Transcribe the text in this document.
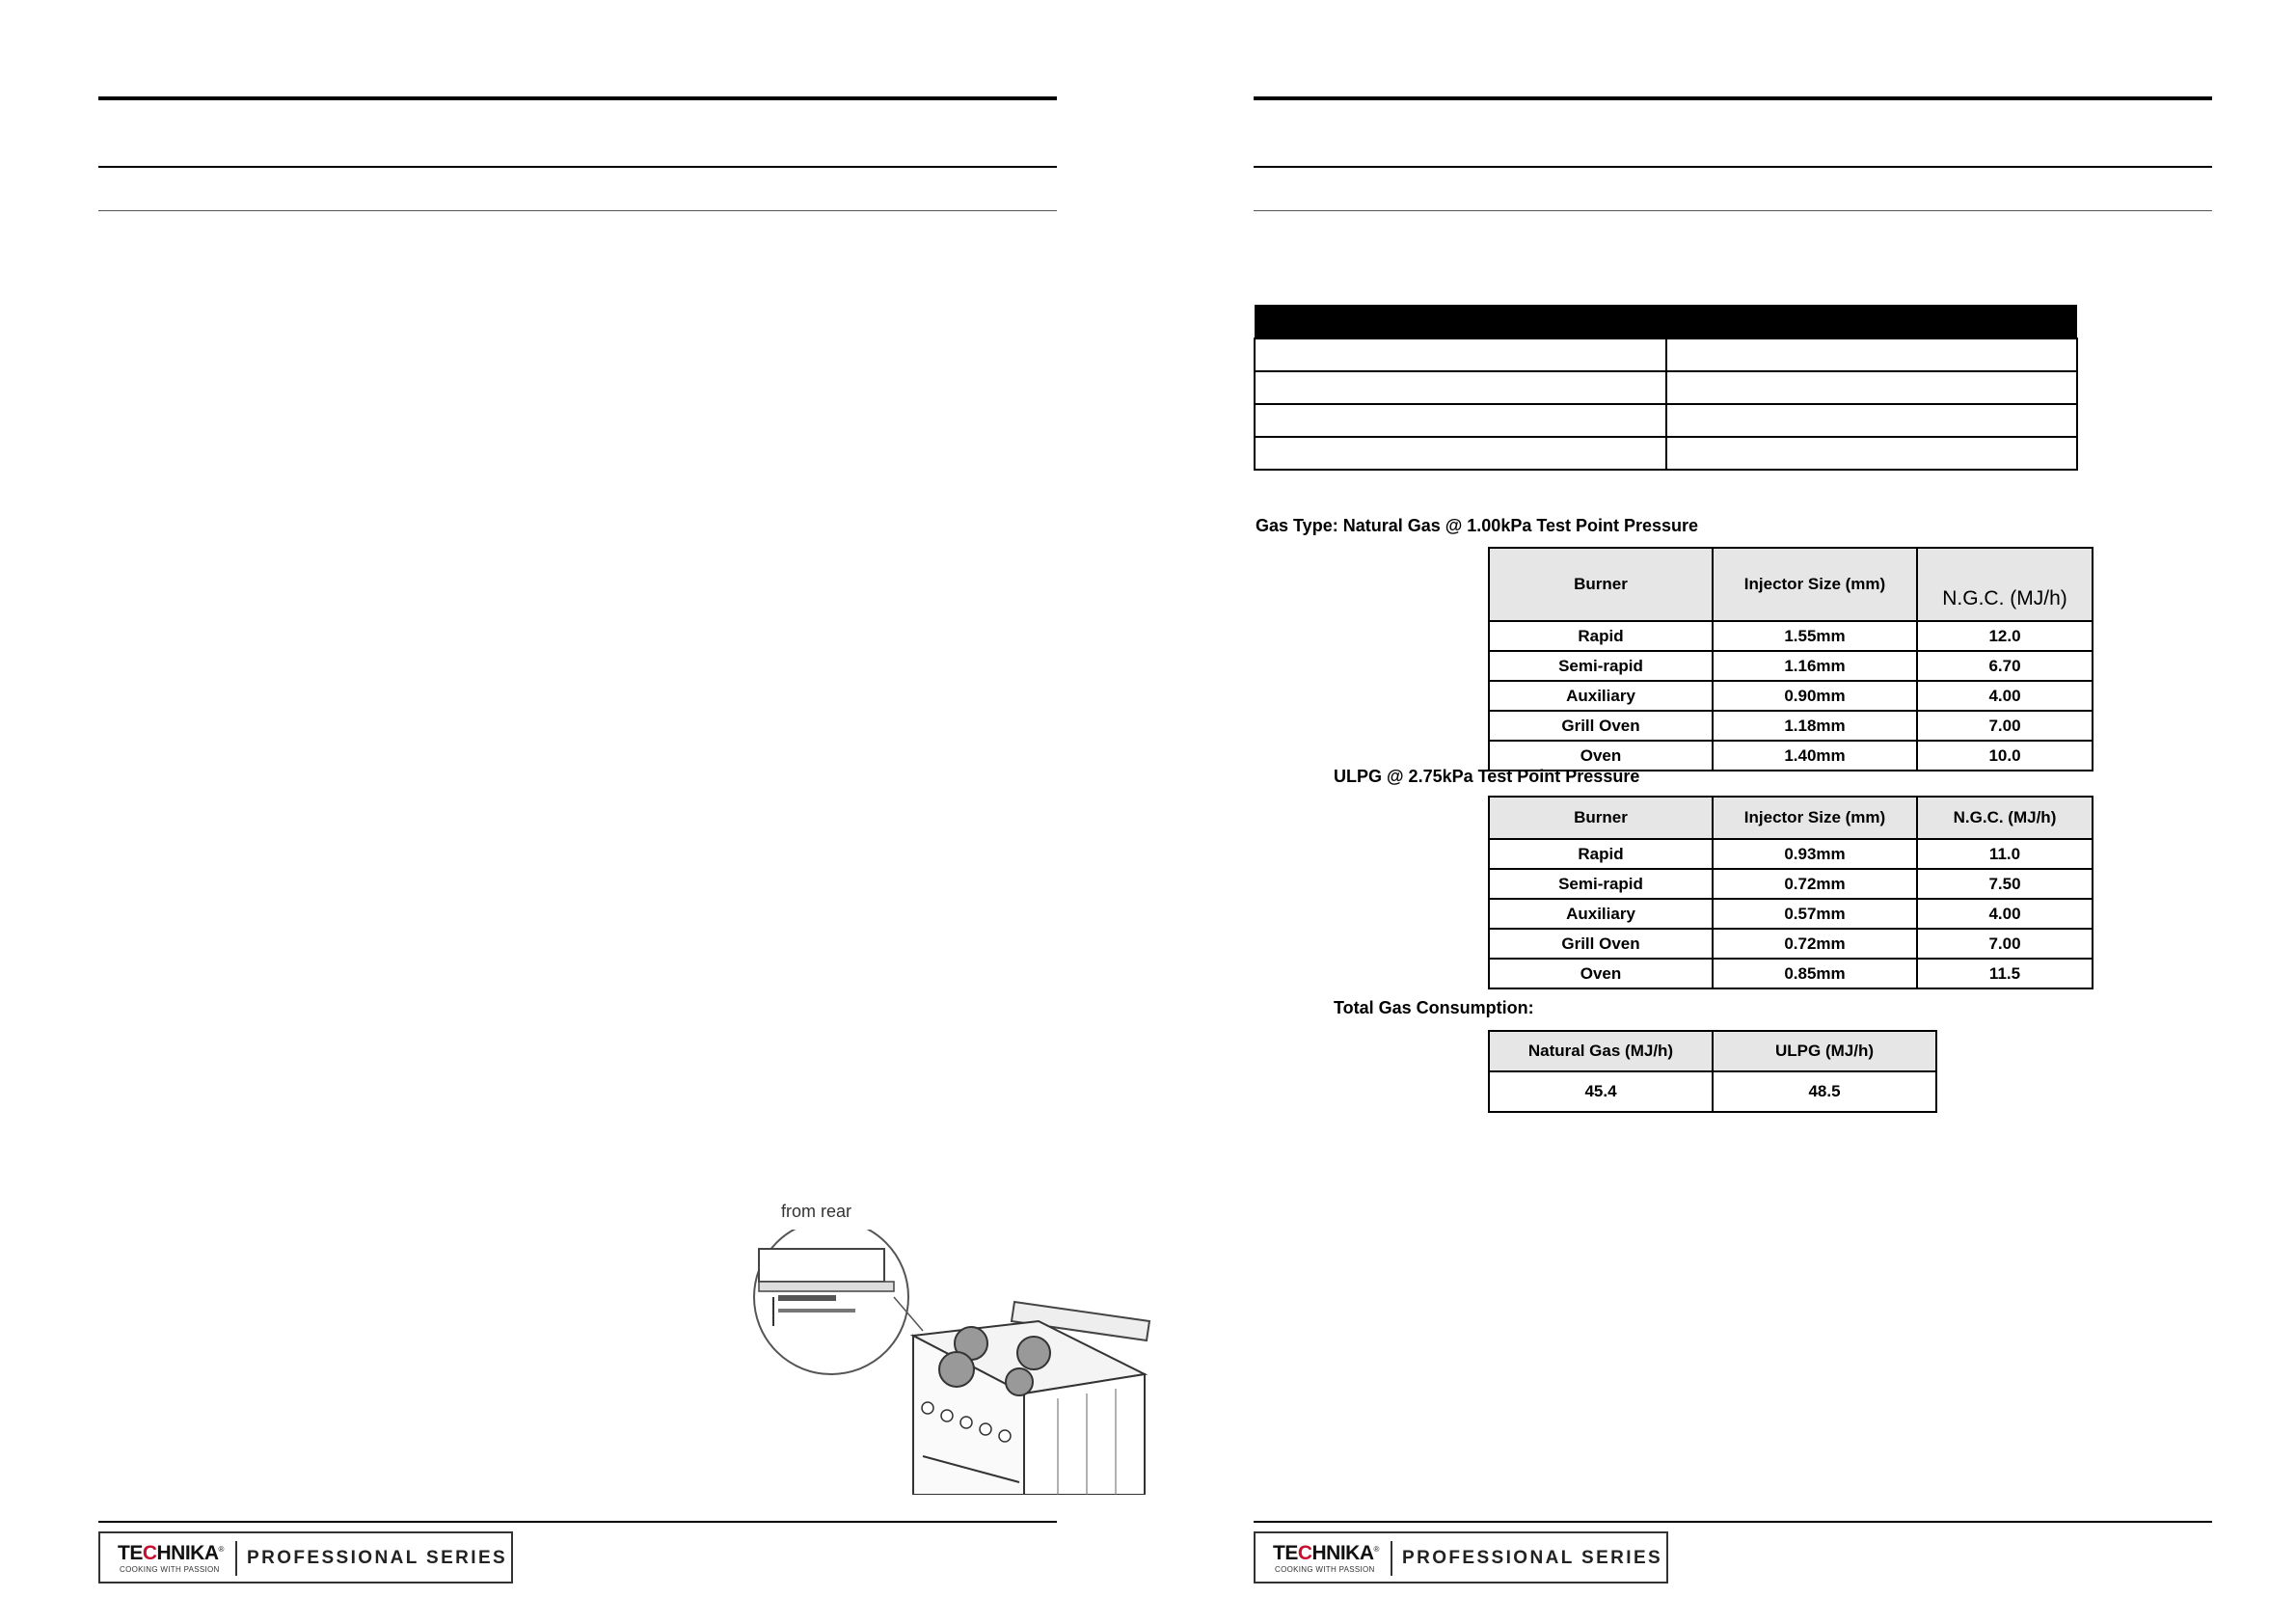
from rear
TECHNIKA®
COOKING WITH PASSION
PROFESSIONAL SERIES

Gas Type: Natural Gas @ 1.00kPa Test Point Pressure
Burner	Injector Size (mm)	N.G.C. (MJ/h)
Rapid	1.55mm	12.0
Semi-rapid	1.16mm	6.70
Auxiliary	0.90mm	4.00
Grill Oven	1.18mm	7.00
Oven	1.40mm	10.0
ULPG @ 2.75kPa Test Point Pressure
Burner	Injector Size (mm)	N.G.C. (MJ/h)
Rapid	0.93mm	11.0
Semi-rapid	0.72mm	7.50
Auxiliary	0.57mm	4.00
Grill Oven	0.72mm	7.00
Oven	0.85mm	11.5
Total Gas Consumption:
Natural Gas (MJ/h)	ULPG (MJ/h)
45.4	48.5
TECHNIKA®
COOKING WITH PASSION
PROFESSIONAL SERIES
